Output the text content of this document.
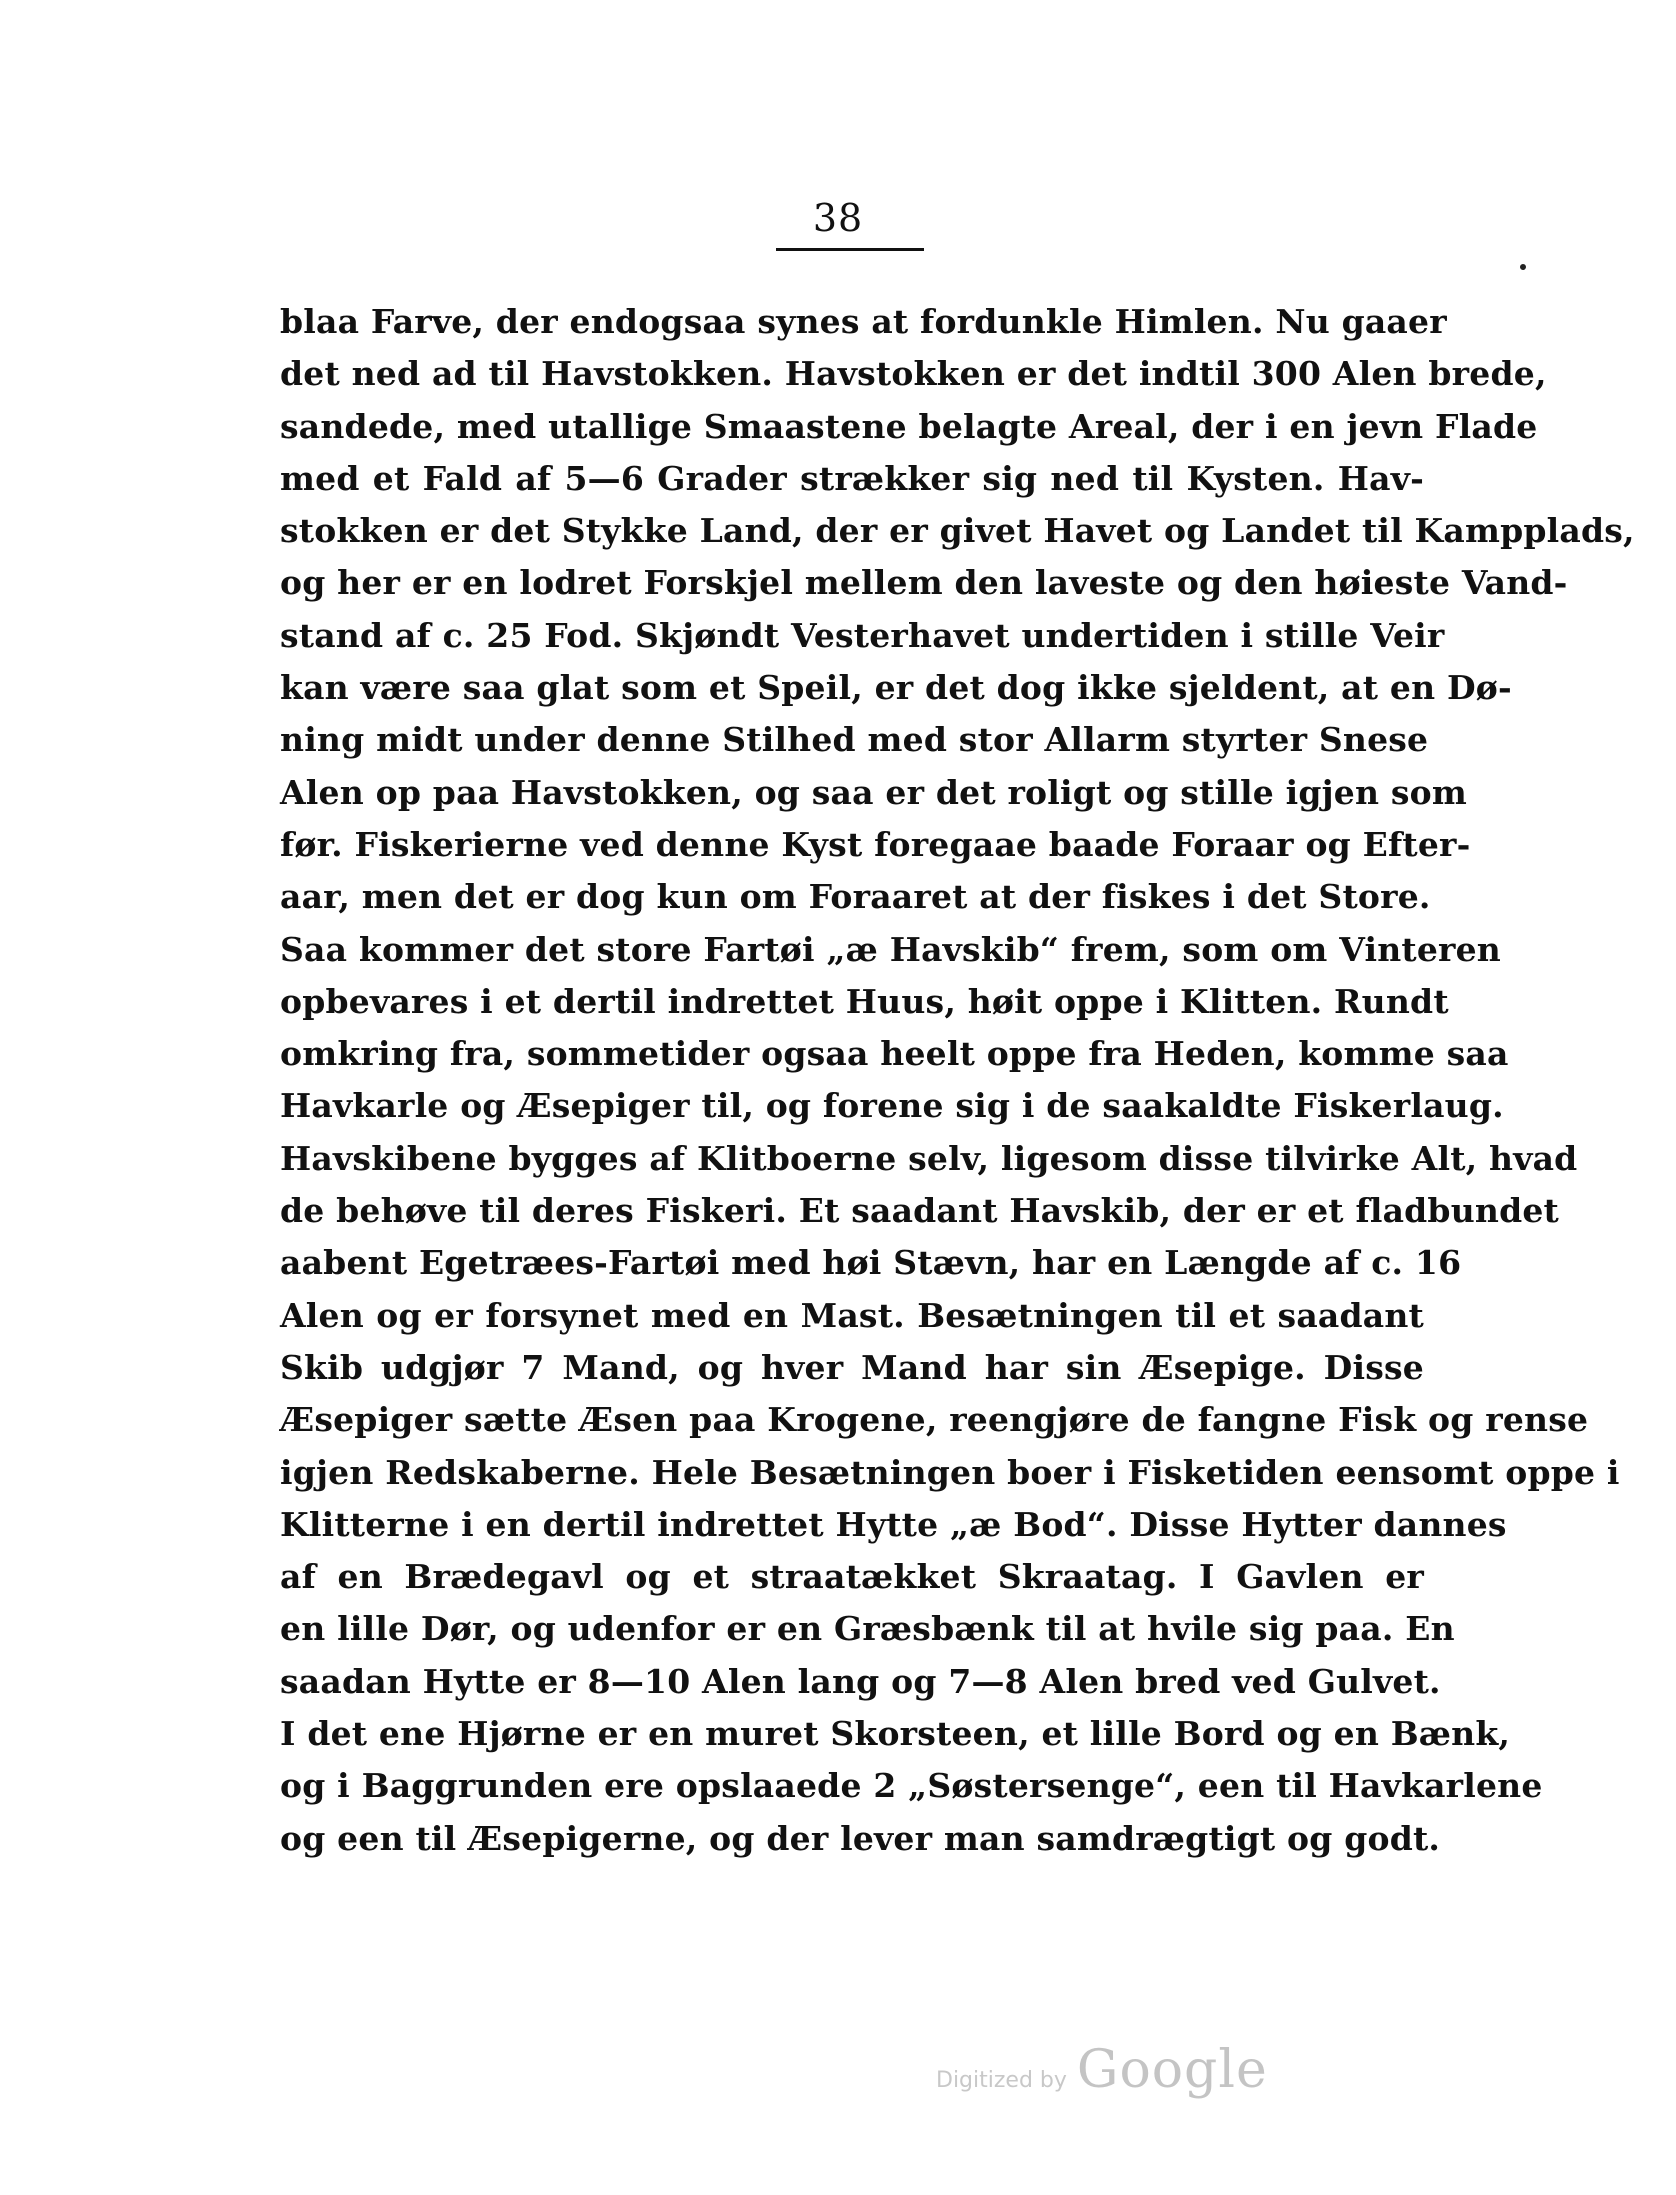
38
blaa Farve, der endogsaa synes at fordunkle Himlen. Nu gaaer
det ned ad til Havstokken. Havstokken er det indtil 300 Alen brede,
sandede, med utallige Smaastene belagte Areal, der i en jevn Flade
med et Fald af 5—6 Grader strækker sig ned til Kysten. Hav-
stokken er det Stykke Land, der er givet Havet og Landet til Kampplads,
og her er en lodret Forskjel mellem den laveste og den høieste Vand-
stand af c. 25 Fod. Skjøndt Vesterhavet undertiden i stille Veir
kan være saa glat som et Speil, er det dog ikke sjeldent, at en Dø-
ning midt under denne Stilhed med stor Allarm styrter Snese
Alen op paa Havstokken, og saa er det roligt og stille igjen som
før. Fiskerierne ved denne Kyst foregaae baade Foraar og Efter-
aar, men det er dog kun om Foraaret at der fiskes i det Store.
Saa kommer det store Fartøi „æ Havskib“ frem, som om Vinteren
opbevares i et dertil indrettet Huus, høit oppe i Klitten. Rundt
omkring fra, sommetider ogsaa heelt oppe fra Heden, komme saa
Havkarle og Æsepiger til, og forene sig i de saakaldte Fiskerlaug.
Havskibene bygges af Klitboerne selv, ligesom disse tilvirke Alt, hvad
de behøve til deres Fiskeri. Et saadant Havskib, der er et fladbundet
aabent Egetræes-Fartøi med høi Stævn, har en Længde af c. 16
Alen og er forsynet med en Mast. Besætningen til et saadant
Skib udgjør 7 Mand, og hver Mand har sin Æsepige. Disse
Æsepiger sætte Æsen paa Krogene, reengjøre de fangne Fisk og rense
igjen Redskaberne. Hele Besætningen boer i Fisketiden eensomt oppe i
Klitterne i en dertil indrettet Hytte „æ Bod“. Disse Hytter dannes
af en Brædegavl og et straatækket Skraatag. I Gavlen er
en lille Dør, og udenfor er en Græsbænk til at hvile sig paa. En
saadan Hytte er 8—10 Alen lang og 7—8 Alen bred ved Gulvet.
I det ene Hjørne er en muret Skorsteen, et lille Bord og en Bænk,
og i Baggrunden ere opslaaede 2 „Søstersenge“, een til Havkarlene
og een til Æsepigerne, og der lever man samdrægtigt og godt.
Digitized by Google
